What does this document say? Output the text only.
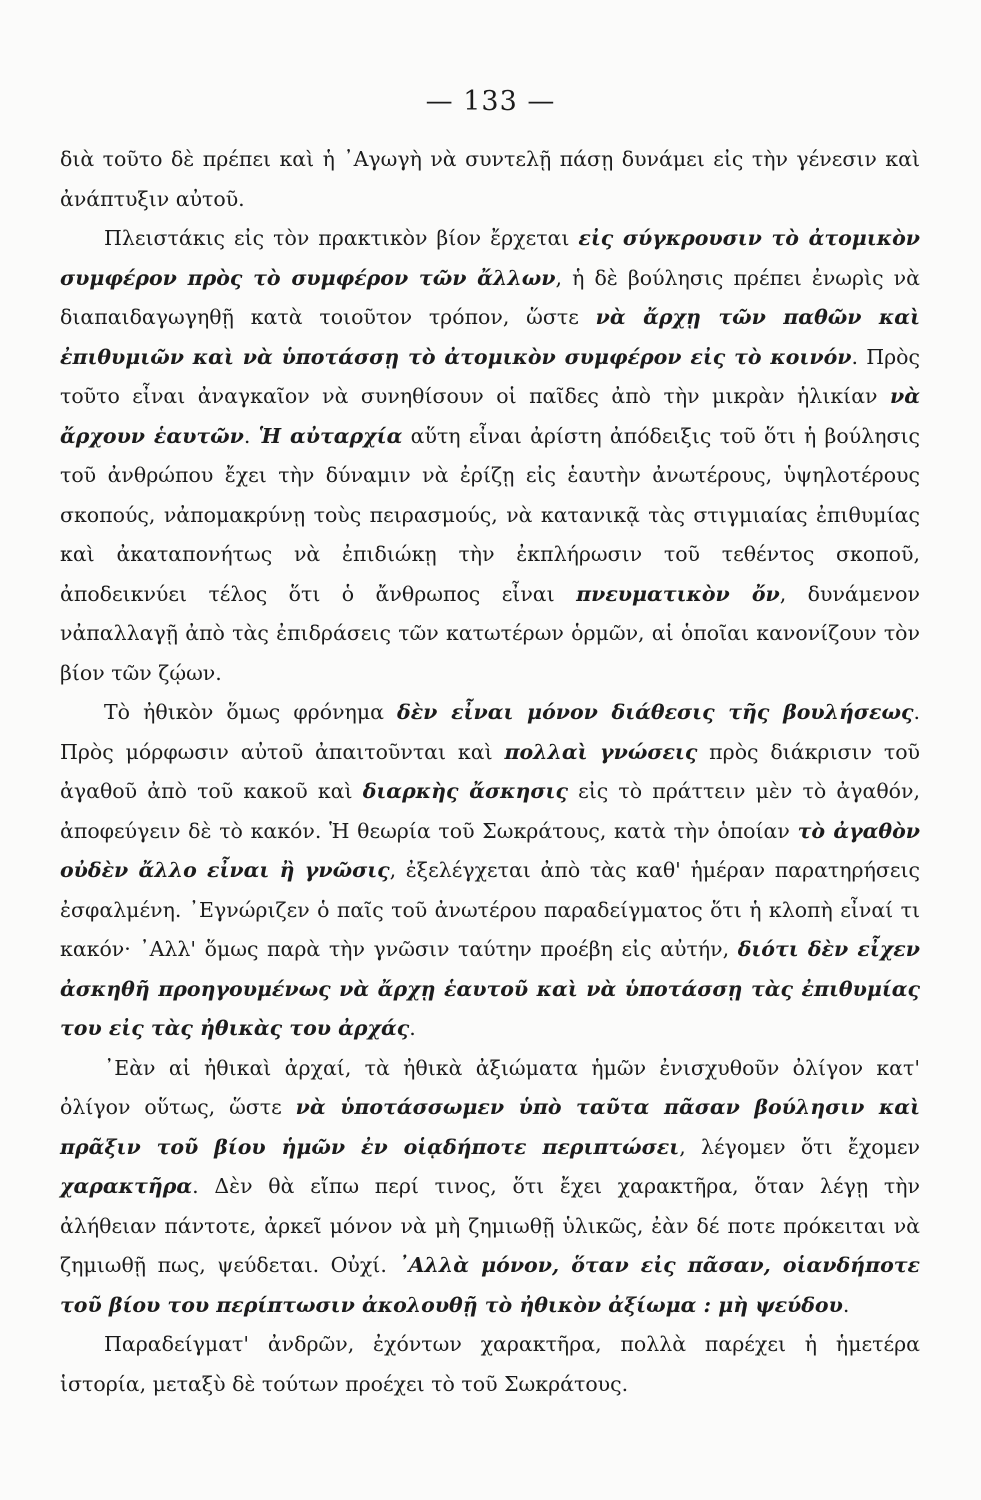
— 133 —

διὰ τοῦτο δὲ πρέπει καὶ ἡ ᾿Αγωγὴ νὰ συντελῇ πάσῃ δυνάμει εἰς τὴν γένεσιν καὶ ἀνάπτυξιν αὐτοῦ.

Πλειστάκις εἰς τὸν πρακτικὸν βίον ἔρχεται εἰς σύγκρουσιν τὸ ἀτομικὸν συμφέρον πρὸς τὸ συμφέρον τῶν ἄλλων, ἡ δὲ βούλησις πρέπει ἐνωρὶς νὰ διαπαιδαγωγηθῇ κατὰ τοιοῦτον τρόπον, ὥστε νὰ ἄρχῃ τῶν παθῶν καὶ ἐπιθυμιῶν καὶ νὰ ὑποτάσσῃ τὸ ἀτομικὸν συμφέρον εἰς τὸ κοινόν. Πρὸς τοῦτο εἶναι ἀναγκαῖον νὰ συνηθίσουν οἱ παῖδες ἀπὸ τὴν μικρὰν ἡλικίαν νὰ ἄρχουν ἑαυτῶν. Ἡ αὐταρχία αὕτη εἶναι ἀρίστη ἀπόδειξις τοῦ ὅτι ἡ βούλησις τοῦ ἀνθρώπου ἔχει τὴν δύναμιν νὰ ἐρίζῃ εἰς ἑαυτὴν ἀνωτέρους, ὑψηλοτέρους σκοπούς, νἀπομακρύνῃ τοὺς πειρασμούς, νὰ κατανικᾷ τὰς στιγμιαίας ἐπιθυμίας καὶ ἀκαταπονήτως νὰ ἐπιδιώκῃ τὴν ἐκπλήρωσιν τοῦ τεθέντος σκοποῦ, ἀποδεικνύει τέλος ὅτι ὁ ἄνθρωπος εἶναι πνευματικὸν ὄν, δυνάμενον νἀπαλλαγῇ ἀπὸ τὰς ἐπιδράσεις τῶν κατωτέρων ὁρμῶν, αἱ ὁποῖαι κανονίζουν τὸν βίον τῶν ζῴων.

Τὸ ἠθικὸν ὅμως φρόνημα δὲν εἶναι μόνον διάθεσις τῆς βουλήσεως. Πρὸς μόρφωσιν αὐτοῦ ἀπαιτοῦνται καὶ πολλαὶ γνώσεις πρὸς διάκρισιν τοῦ ἀγαθοῦ ἀπὸ τοῦ κακοῦ καὶ διαρκὴς ἄσκησις εἰς τὸ πράττειν μὲν τὸ ἀγαθόν, ἀποφεύγειν δὲ τὸ κακόν. Ἡ θεωρία τοῦ Σωκράτους, κατὰ τὴν ὁποίαν τὸ ἀγαθὸν οὐδὲν ἄλλο εἶναι ἢ γνῶσις, ἐξελέγχεται ἀπὸ τὰς καθ' ἡμέραν παρατηρήσεις ἐσφαλμένη. ᾿Εγνώριζεν ὁ παῖς τοῦ ἀνωτέρου παραδείγματος ὅτι ἡ κλοπὴ εἶναί τι κακόν· ᾿Αλλ' ὅμως παρὰ τὴν γνῶσιν ταύτην προέβη εἰς αὐτήν, διότι δὲν εἶχεν ἀσκηθῆ προηγουμένως νὰ ἄρχῃ ἑαυτοῦ καὶ νὰ ὑποτάσσῃ τὰς ἐπιθυμίας του εἰς τὰς ἠθικὰς του ἀρχάς.

᾿Εὰν αἱ ἠθικαὶ ἀρχαί, τὰ ἠθικὰ ἀξιώματα ἡμῶν ἐνισχυθοῦν ὀλίγον κατ' ὀλίγον οὕτως, ὥστε νὰ ὑποτάσσωμεν ὑπὸ ταῦτα πᾶσαν βούλησιν καὶ πρᾶξιν τοῦ βίου ἡμῶν ἐν οἱᾳδήποτε περιπτώσει, λέγομεν ὅτι ἔχομεν χαρακτῆρα. Δὲν θὰ εἴπω περί τινος, ὅτι ἔχει χαρακτῆρα, ὅταν λέγῃ τὴν ἀλήθειαν πάντοτε, ἀρκεῖ μόνον νὰ μὴ ζημιωθῇ ὑλικῶς, ἐὰν δέ ποτε πρόκειται νὰ ζημιωθῇ πως, ψεύδεται. Οὐχί. ᾿Αλλὰ μόνον, ὅταν εἰς πᾶσαν, οἱανδήποτε τοῦ βίου του περίπτωσιν ἀκολουθῇ τὸ ἠθικὸν ἀξίωμα : μὴ ψεύδου.

Παραδείγματ' ἀνδρῶν, ἐχόντων χαρακτῆρα, πολλὰ παρέχει ἡ ἡμετέρα ἱστορία, μεταξὺ δὲ τούτων προέχει τὸ τοῦ Σωκράτους.
